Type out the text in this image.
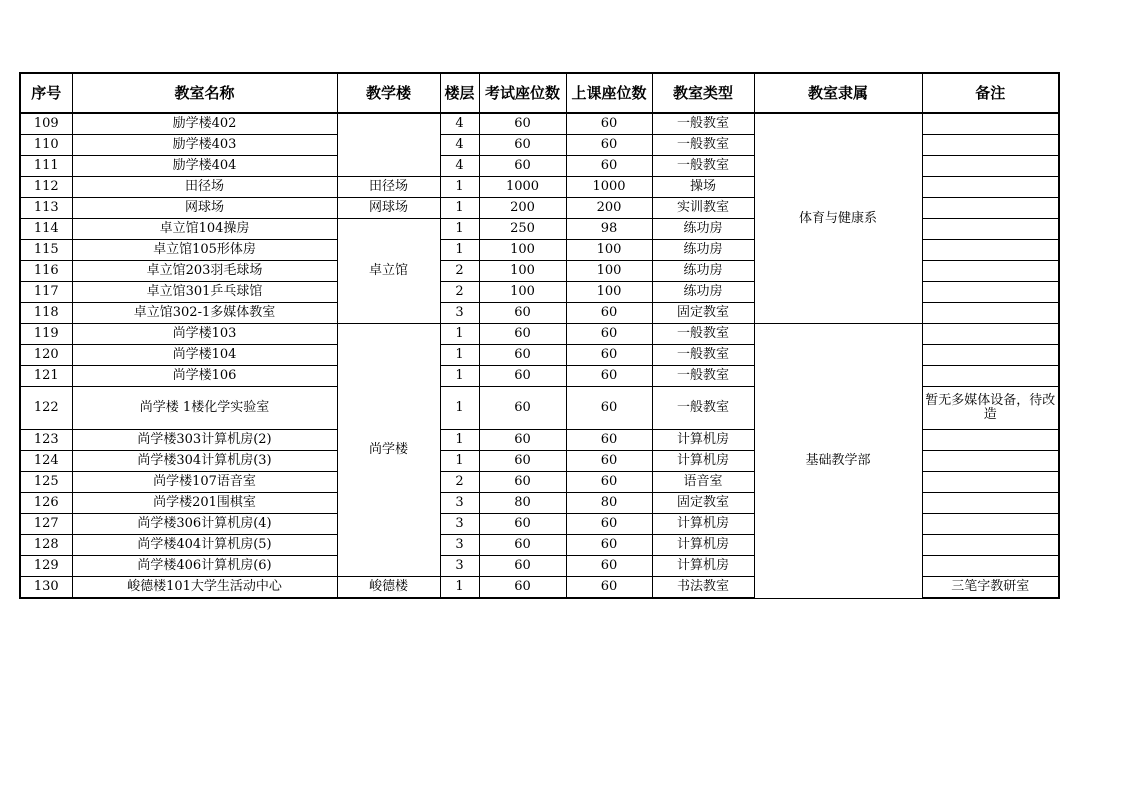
序号	教室名称	教学楼	楼层	考试座位数	上课座位数	教室类型	教室隶属	备注
109	励学楼402		4	60	60	一般教室	体育与健康系	
110	励学楼403		4	60	60	一般教室		
111	励学楼404		4	60	60	一般教室		
112	田径场	田径场	1	1000	1000	操场		
113	网球场	网球场	1	200	200	实训教室		
114	卓立馆104操房	卓立馆	1	250	98	练功房		
115	卓立馆105形体房		1	100	100	练功房		
116	卓立馆203羽毛球场		2	100	100	练功房		
117	卓立馆301乒乓球馆		2	100	100	练功房		
118	卓立馆302-1多媒体教室		3	60	60	固定教室		
119	尚学楼103	尚学楼	1	60	60	一般教室	基础教学部	
120	尚学楼104		1	60	60	一般教室		
121	尚学楼106		1	60	60	一般教室		
122	尚学楼 1楼化学实验室		1	60	60	一般教室		暂无多媒体设备，待改造
123	尚学楼303计算机房(2)		1	60	60	计算机房		
124	尚学楼304计算机房(3)		1	60	60	计算机房		
125	尚学楼107语音室		2	60	60	语音室		
126	尚学楼201围棋室		3	80	80	固定教室		
127	尚学楼306计算机房(4)		3	60	60	计算机房		
128	尚学楼404计算机房(5)		3	60	60	计算机房		
129	尚学楼406计算机房(6)		3	60	60	计算机房		
130	峻德楼101大学生活动中心	峻德楼	1	60	60	书法教室		三笔字教研室
